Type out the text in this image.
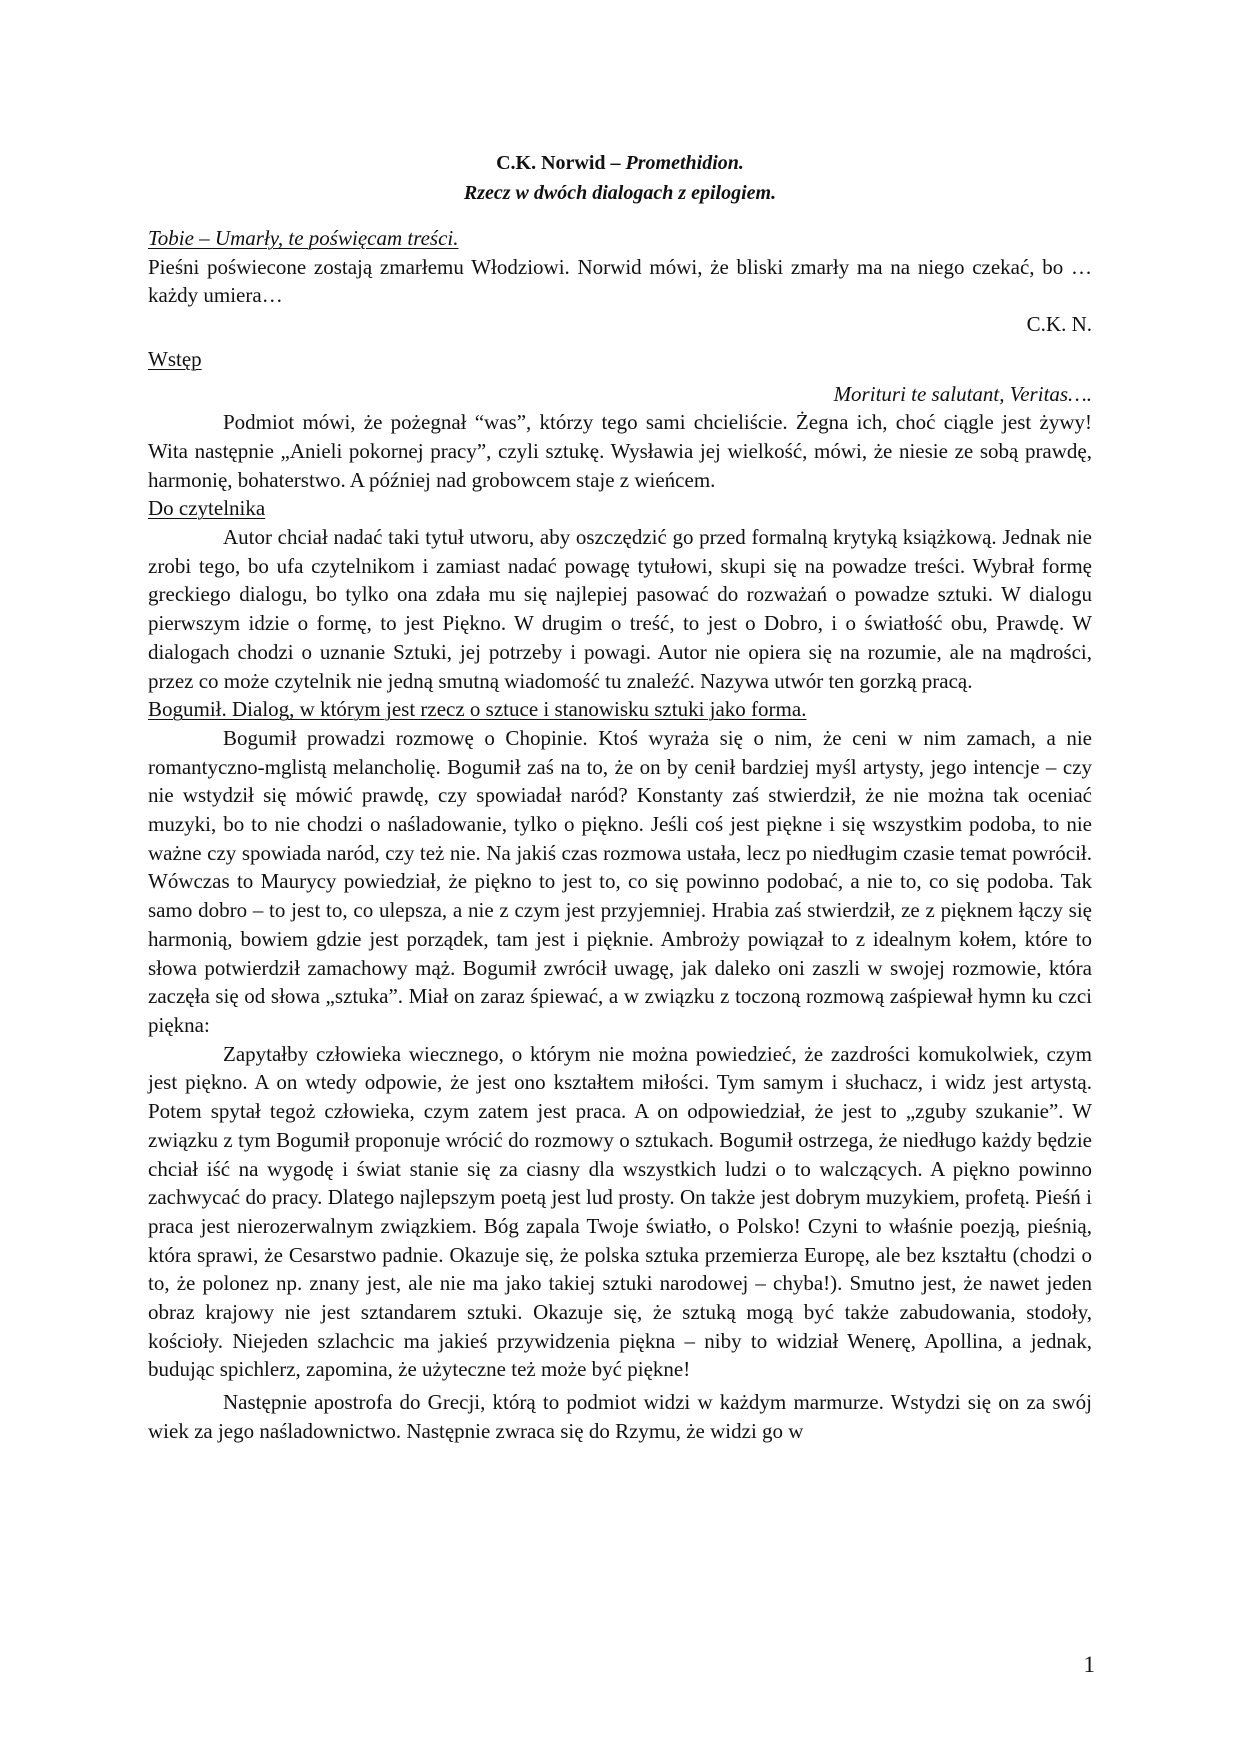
C.K. Norwid – Promethidion.
Rzecz w dwóch dialogach z epilogiem.
Tobie – Umarły, te poświęcam treści.

Pieśni poświecone zostają zmarłemu Włodziowi. Norwid mówi, że bliski zmarły ma na niego czekać, bo … każdy umiera…

C.K. N.
Wstęp
Morituri te salutant, Veritas….

Podmiot mówi, że pożegnał “was”, którzy tego sami chcieliście. Żegna ich, choć ciągle jest żywy! Wita następnie „Anieli pokornej pracy”, czyli sztukę. Wysławia jej wielkość, mówi, że niesie ze sobą prawdę, harmonię, bohaterstwo. A później nad grobowcem staje z wieńcem.

Do czytelnika

Autor chciał nadać taki tytuł utworu, aby oszczędzić go przed formalną krytyką książkową. Jednak nie zrobi tego, bo ufa czytelnikom i zamiast nadać powagę tytułowi, skupi się na powadze treści. Wybrał formę greckiego dialogu, bo tylko ona zdała mu się najlepiej pasować do rozważań o powadze sztuki. W dialogu pierwszym idzie o formę, to jest Piękno. W drugim o treść, to jest o Dobro, i o światłość obu, Prawdę. W dialogach chodzi o uznanie Sztuki, jej potrzeby i powagi. Autor nie opiera się na rozumie, ale na mądrości, przez co może czytelnik nie jedną smutną wiadomość tu znaleźć. Nazywa utwór ten gorzką pracą.

Bogumił. Dialog, w którym jest rzecz o sztuce i stanowisku sztuki jako forma.

Bogumił prowadzi rozmowę o Chopinie. Ktoś wyraża się o nim, że ceni w nim zamach, a nie romantyczno-mglistą melancholię. Bogumił zaś na to, że on by cenił bardziej myśl artysty, jego intencje – czy nie wstydził się mówić prawdę, czy spowiadał naród? Konstanty zaś stwierdził, że nie można tak oceniać muzyki, bo to nie chodzi o naśladowanie, tylko o piękno. Jeśli coś jest piękne i się wszystkim podoba, to nie ważne czy spowiada naród, czy też nie. Na jakiś czas rozmowa ustała, lecz po niedługim czasie temat powrócił. Wówczas to Maurycy powiedział, że piękno to jest to, co się powinno podobać, a nie to, co się podoba. Tak samo dobro – to jest to, co ulepsza, a nie z czym jest przyjemniej. Hrabia zaś stwierdził, ze z pięknem łączy się harmonią, bowiem gdzie jest porządek, tam jest i pięknie. Ambroży powiązał to z idealnym kołem, które to słowa potwierdził zamachowy mąż. Bogumił zwrócił uwagę, jak daleko oni zaszli w swojej rozmowie, która zaczęła się od słowa „sztuka”. Miał on zaraz śpiewać, a w związku z toczoną rozmową zaśpiewał hymn ku czci piękna:

Zapytałby człowieka wiecznego, o którym nie można powiedzieć, że zazdrości komukolwiek, czym jest piękno. A on wtedy odpowie, że jest ono kształtem miłości. Tym samym i słuchacz, i widz jest artystą. Potem spytał tegoż człowieka, czym zatem jest praca. A on odpowiedział, że jest to „zguby szukanie”. W związku z tym Bogumił proponuje wrócić do rozmowy o sztukach. Bogumił ostrzega, że niedługo każdy będzie chciał iść na wygodę i świat stanie się za ciasny dla wszystkich ludzi o to walczących. A piękno powinno zachwycać do pracy. Dlatego najlepszym poetą jest lud prosty. On także jest dobrym muzykiem, profetą. Pieśń i praca jest nierozerwalnym związkiem. Bóg zapala Twoje światło, o Polsko! Czyni to właśnie poezją, pieśnią, która sprawi, że Cesarstwo padnie. Okazuje się, że polska sztuka przemierza Europę, ale bez kształtu (chodzi o to, że polonez np. znany jest, ale nie ma jako takiej sztuki narodowej – chyba!). Smutno jest, że nawet jeden obraz krajowy nie jest sztandarem sztuki. Okazuje się, że sztuką mogą być także zabudowania, stodoły, kościoły. Niejeden szlachcic ma jakieś przywidzenia piękna – niby to widział Wenerę, Apollina, a jednak, budując spichlerz, zapomina, że użyteczne też może być piękne!

Następnie apostrofa do Grecji, którą to podmiot widzi w każdym marmurze. Wstydzi się on za swój wiek za jego naśladownictwo. Następnie zwraca się do Rzymu, że widzi go w

1
